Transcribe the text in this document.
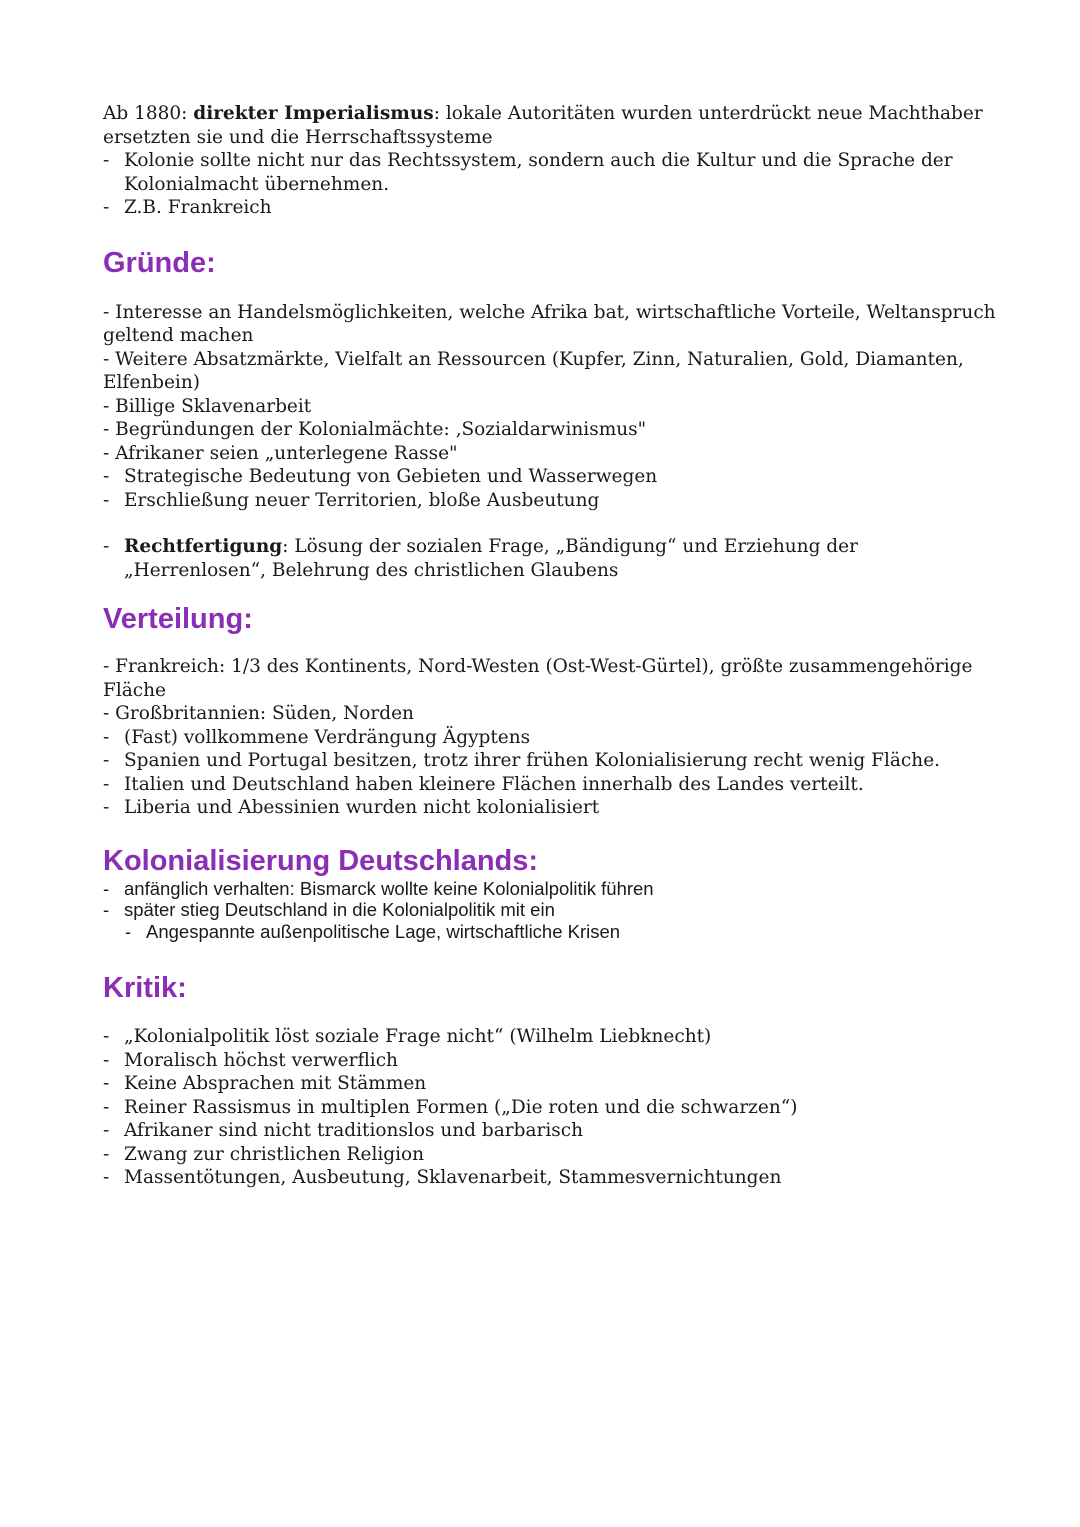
Ab 1880: direkter Imperialismus: lokale Autoritäten wurden unterdrückt neue Machthaber ersetzten sie und die Herrschaftssysteme

- Kolonie sollte nicht nur das Rechtssystem, sondern auch die Kultur und die Sprache der Kolonialmacht übernehmen.
- Z.B. Frankreich
Gründe:

- Interesse an Handelsmöglichkeiten, welche Afrika bat, wirtschaftliche Vorteile, Weltanspruch geltend machen

- Weitere Absatzmärkte, Vielfalt an Ressourcen (Kupfer, Zinn, Naturalien, Gold, Diamanten, Elfenbein)

- Billige Sklavenarbeit

- Begründungen der Kolonialmächte: ‚Sozialdarwinismus"

- Afrikaner seien „unterlegene Rasse"

- Strategische Bedeutung von Gebieten und Wasserwegen
- Erschließung neuer Territorien, bloße Ausbeutung
- Rechtfertigung: Lösung der sozialen Frage, „Bändigung“ und Erziehung der „Herrenlosen“, Belehrung des christlichen Glaubens
Verteilung:

- Frankreich: 1/3 des Kontinents, Nord-Westen (Ost-West-Gürtel), größte zusammengehörige Fläche

- Großbritannien: Süden, Norden

- (Fast) vollkommene Verdrängung Ägyptens
- Spanien und Portugal besitzen, trotz ihrer frühen Kolonialisierung recht wenig Fläche.
- Italien und Deutschland haben kleinere Flächen innerhalb des Landes verteilt.
- Liberia und Abessinien wurden nicht kolonialisiert
Kolonialisierung Deutschlands:
- anfänglich verhalten: Bismarck wollte keine Kolonialpolitik führen
- später stieg Deutschland in die Kolonialpolitik mit ein
- Angespannte außenpolitische Lage, wirtschaftliche Krisen
Kritik:
- „Kolonialpolitik löst soziale Frage nicht“ (Wilhelm Liebknecht)
- Moralisch höchst verwerflich
- Keine Absprachen mit Stämmen
- Reiner Rassismus in multiplen Formen („Die roten und die schwarzen“)
- Afrikaner sind nicht traditionslos und barbarisch
- Zwang zur christlichen Religion
- Massentötungen, Ausbeutung, Sklavenarbeit, Stammesvernichtungen
